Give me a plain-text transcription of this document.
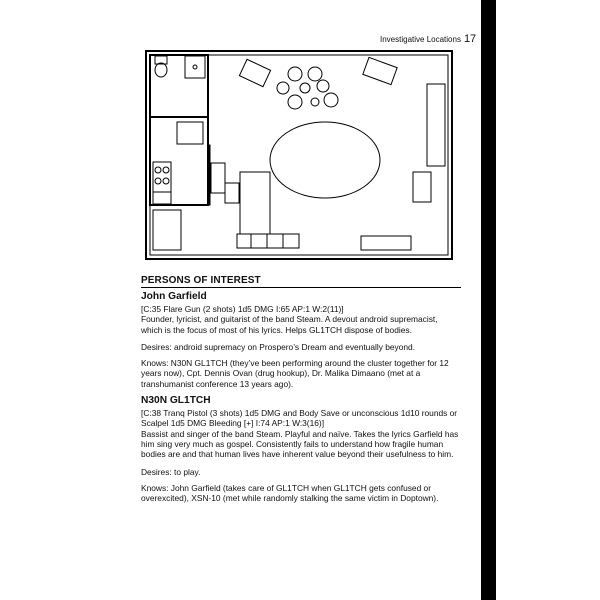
Investigative Locations 17
PERSONS OF INTEREST

John Garfield

[C:35 Flare Gun (2 shots) 1d5 DMG I:65 AP:1 W:2(11)]

Founder, lyricist, and guitarist of the band Steam. A devout android supremacist, which is the focus of most of his lyrics. Helps GL1TCH dispose of bodies.

Desires: android supremacy on Prospero’s Dream and eventually beyond.

Knows: N30N GL1TCH (they’ve been performing around the cluster together for 12 years now), Cpt. Dennis Ovan (drug hookup), Dr. Malika Dimaano (met at a transhumanist conference 13 years ago).

N30N GL1TCH

[C:38 Tranq Pistol (3 shots) 1d5 DMG and Body Save or unconscious 1d10 rounds or Scalpel 1d5 DMG Bleeding [+] I:74 AP:1 W:3(16)]

Bassist and singer of the band Steam. Playful and naïve. Takes the lyrics Garfield has him sing very much as gospel. Consistently fails to understand how fragile human bodies are and that human lives have inherent value beyond their usefulness to him.

Desires: to play.

Knows: John Garfield (takes care of GL1TCH when GL1TCH gets confused or overexcited), XSN-10 (met while randomly stalking the same victim in Doptown).
